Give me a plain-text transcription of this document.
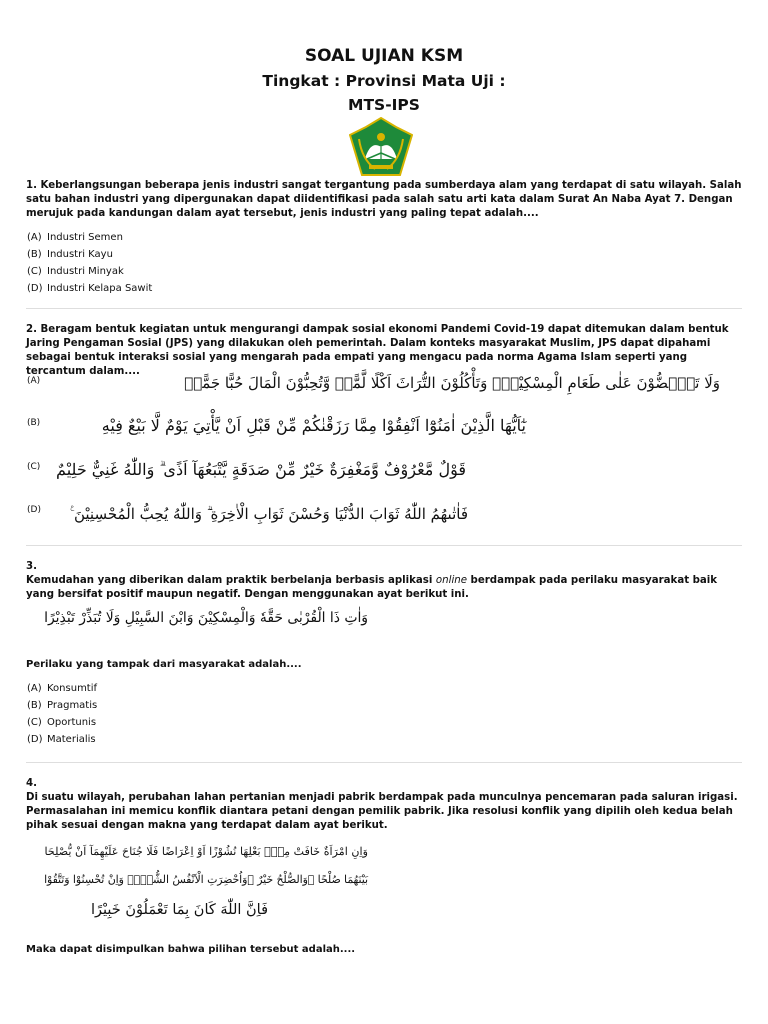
SOAL UJIAN KSM
Tingkat : Provinsi Mata Uji :
MTS-IPS
1. Keberlangsungan beberapa jenis industri sangat tergantung pada sumberdaya alam yang terdapat di satu wilayah. Salah satu bahan industri yang dipergunakan dapat diidentifikasi pada salah satu arti kata dalam Surat An Naba Ayat 7. Dengan merujuk pada kandungan dalam ayat tersebut, jenis industri yang paling tepat adalah....
(A) Industri Semen
(B) Industri Kayu
(C) Industri Minyak
(D) Industri Kelapa Sawit
2. Beragam bentuk kegiatan untuk mengurangi dampak sosial ekonomi Pandemi Covid-19 dapat ditemukan dalam bentuk Jaring Pengaman Sosial (JPS) yang dilakukan oleh pemerintah. Dalam konteks masyarakat Muslim, JPS dapat dipahami sebagai bentuk interaksi sosial yang mengarah pada empati yang mengacu pada norma Agama Islam seperti yang tercantum dalam....
(A)	وَلَا تَحٰۤضُّوْنَ عَلٰى طَعَامِ الْمِسْكِيْنِۙ وَتَأْكُلُوْنَ التُّرَاثَ اَكْلًا لَّمًّاۙ وَّتُحِبُّوْنَ الْمَالَ حُبًّا جَمًّاۗ
(B)	يٰٓاَيُّهَا الَّذِيْنَ اٰمَنُوْٓا اَنْفِقُوْا مِمَّا رَزَقْنٰكُمْ مِّنْ قَبْلِ اَنْ يَّأْتِيَ يَوْمٌ لَّا بَيْعٌ فِيْهِ
(C) قَوْلٌ مَّعْرُوْفٌ وَّمَغْفِرَةٌ خَيْرٌ مِّنْ صَدَقَةٍ يَّتْبَعُهَآ اَذًى ۗ وَاللّٰهُ غَنِيٌّ حَلِيْمٌ
(D) فَاٰتٰىهُمُ اللّٰهُ ثَوَابَ الدُّنْيَا وَحُسْنَ ثَوَابِ الْاٰخِرَةِ ۗ وَاللّٰهُ يُحِبُّ الْمُحْسِنِيْنَ ࣖ
3.
Kemudahan yang diberikan dalam praktik berbelanja berbasis aplikasi online berdampak pada perilaku masyarakat baik yang bersifat positif maupun negatif. Dengan menggunakan ayat berikut ini.
وَاٰتِ ذَا الْقُرْبٰى حَقَّهٗ وَالْمِسْكِيْنَ وَابْنَ السَّبِيْلِ وَلَا تُبَذِّرْ تَبْذِيْرًا
Perilaku yang tampak dari masyarakat adalah....
(A) Konsumtif
(B) Pragmatis
(C) Oportunis
(D) Materialis
4.
Di suatu wilayah, perubahan lahan pertanian menjadi pabrik berdampak pada munculnya pencemaran pada saluran irigasi. Permasalahan ini memicu konflik diantara petani dengan pemilik pabrik. Jika resolusi konflik yang dipilih oleh kedua belah pihak sesuai dengan makna yang terdapat dalam ayat berikut.
وَاِنِ امْرَاَةٌ خَافَتْ مِنْۢ بَعْلِهَا نُشُوْزًا اَوْ اِعْرَاضًا فَلَا جُنَاحَ عَلَيْهِمَآ اَنْ يُّصْلِحَا
بَيْنَهُمَا صُلْحًا ۗوَالصُّلْحُ خَيْرٌ ۗوَاُحْضِرَتِ الْاَنْفُسُ الشُّحَّۗ وَاِنْ تُحْسِنُوْا وَتَتَّقُوْا
فَاِنَّ اللّٰهَ كَانَ بِمَا تَعْمَلُوْنَ خَبِيْرًا
Maka dapat disimpulkan bahwa pilihan tersebut adalah....
